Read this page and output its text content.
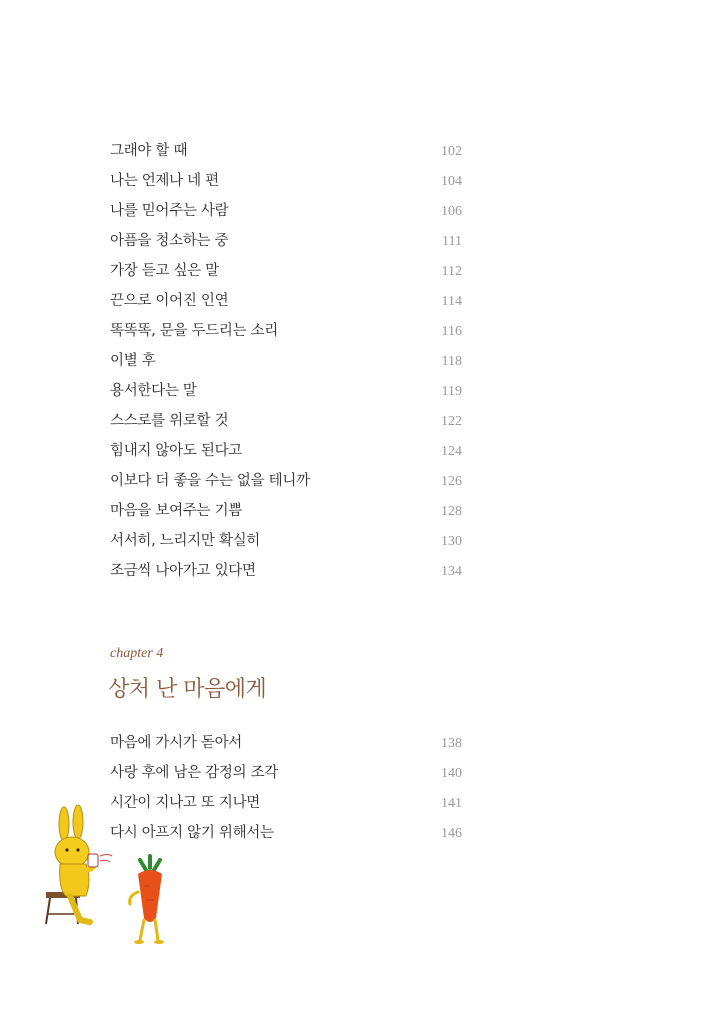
그래야 할 때	102
나는 언제나 네 편	104
나를 믿어주는 사람	106
아픔을 청소하는 중	111
가장 듣고 싶은 말	112
끈으로 이어진 인연	114
똑똑똑, 문을 두드리는 소리	116
이별 후	118
용서한다는 말	119
스스로를 위로할 것	122
힘내지 않아도 된다고	124
이보다 더 좋을 수는 없을 테니까	126
마음을 보여주는 기쁨	128
서서히, 느리지만 확실히	130
조금씩 나아가고 있다면	134
chapter 4
상처 난 마음에게
마음에 가시가 돋아서	138
사랑 후에 남은 감정의 조각	140
시간이 지나고 또 지나면	141
다시 아프지 않기 위해서는	146
